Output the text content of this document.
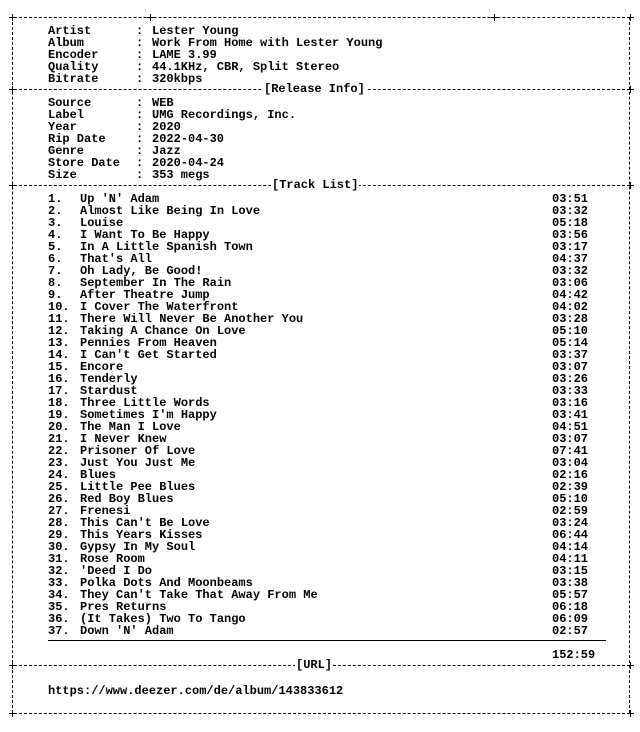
Artist	: Lester Young
Album	: Work From Home with Lester Young
Encoder	: LAME 3.99
Quality	: 44.1KHz, CBR, Split Stereo
Bitrate	: 320kbps
[Release Info]
Source	: WEB
Label	: UMG Recordings, Inc.
Year	: 2020
Rip Date	: 2022-04-30
Genre	: Jazz
Store Date : 2020-04-24
Size	: 353 megs
[Track List]
1. Up 'N' Adam	03:51
2. Almost Like Being In Love	03:32
3. Louise	05:18
4. I Want To Be Happy	03:56
5. In A Little Spanish Town	03:17
6. That's All	04:37
7. Oh Lady, Be Good!	03:32
8. September In The Rain	03:06
9. After Theatre Jump	04:42
10. I Cover The Waterfront	04:02
11. There Will Never Be Another You	03:28
12. Taking A Chance On Love	05:10
13. Pennies From Heaven	05:14
14. I Can't Get Started	03:37
15. Encore	03:07
16. Tenderly	03:26
17. Stardust	03:33
18. Three Little Words	03:16
19. Sometimes I'm Happy	03:41
20. The Man I Love	04:51
21. I Never Knew	03:07
22. Prisoner Of Love	07:41
23. Just You Just Me	03:04
24. Blues	02:16
25. Little Pee Blues	02:39
26. Red Boy Blues	05:10
27. Frenesi	02:59
28. This Can't Be Love	03:24
29. This Years Kisses	06:44
30. Gypsy In My Soul	04:14
31. Rose Room	04:11
32. 'Deed I Do	03:15
33. Polka Dots And Moonbeams	03:38
34. They Can't Take That Away From Me	05:57
35. Pres Returns	06:18
36. (It Takes) Two To Tango	06:09
37. Down 'N' Adam	02:57
152:59
[URL]
https://www.deezer.com/de/album/143833612
